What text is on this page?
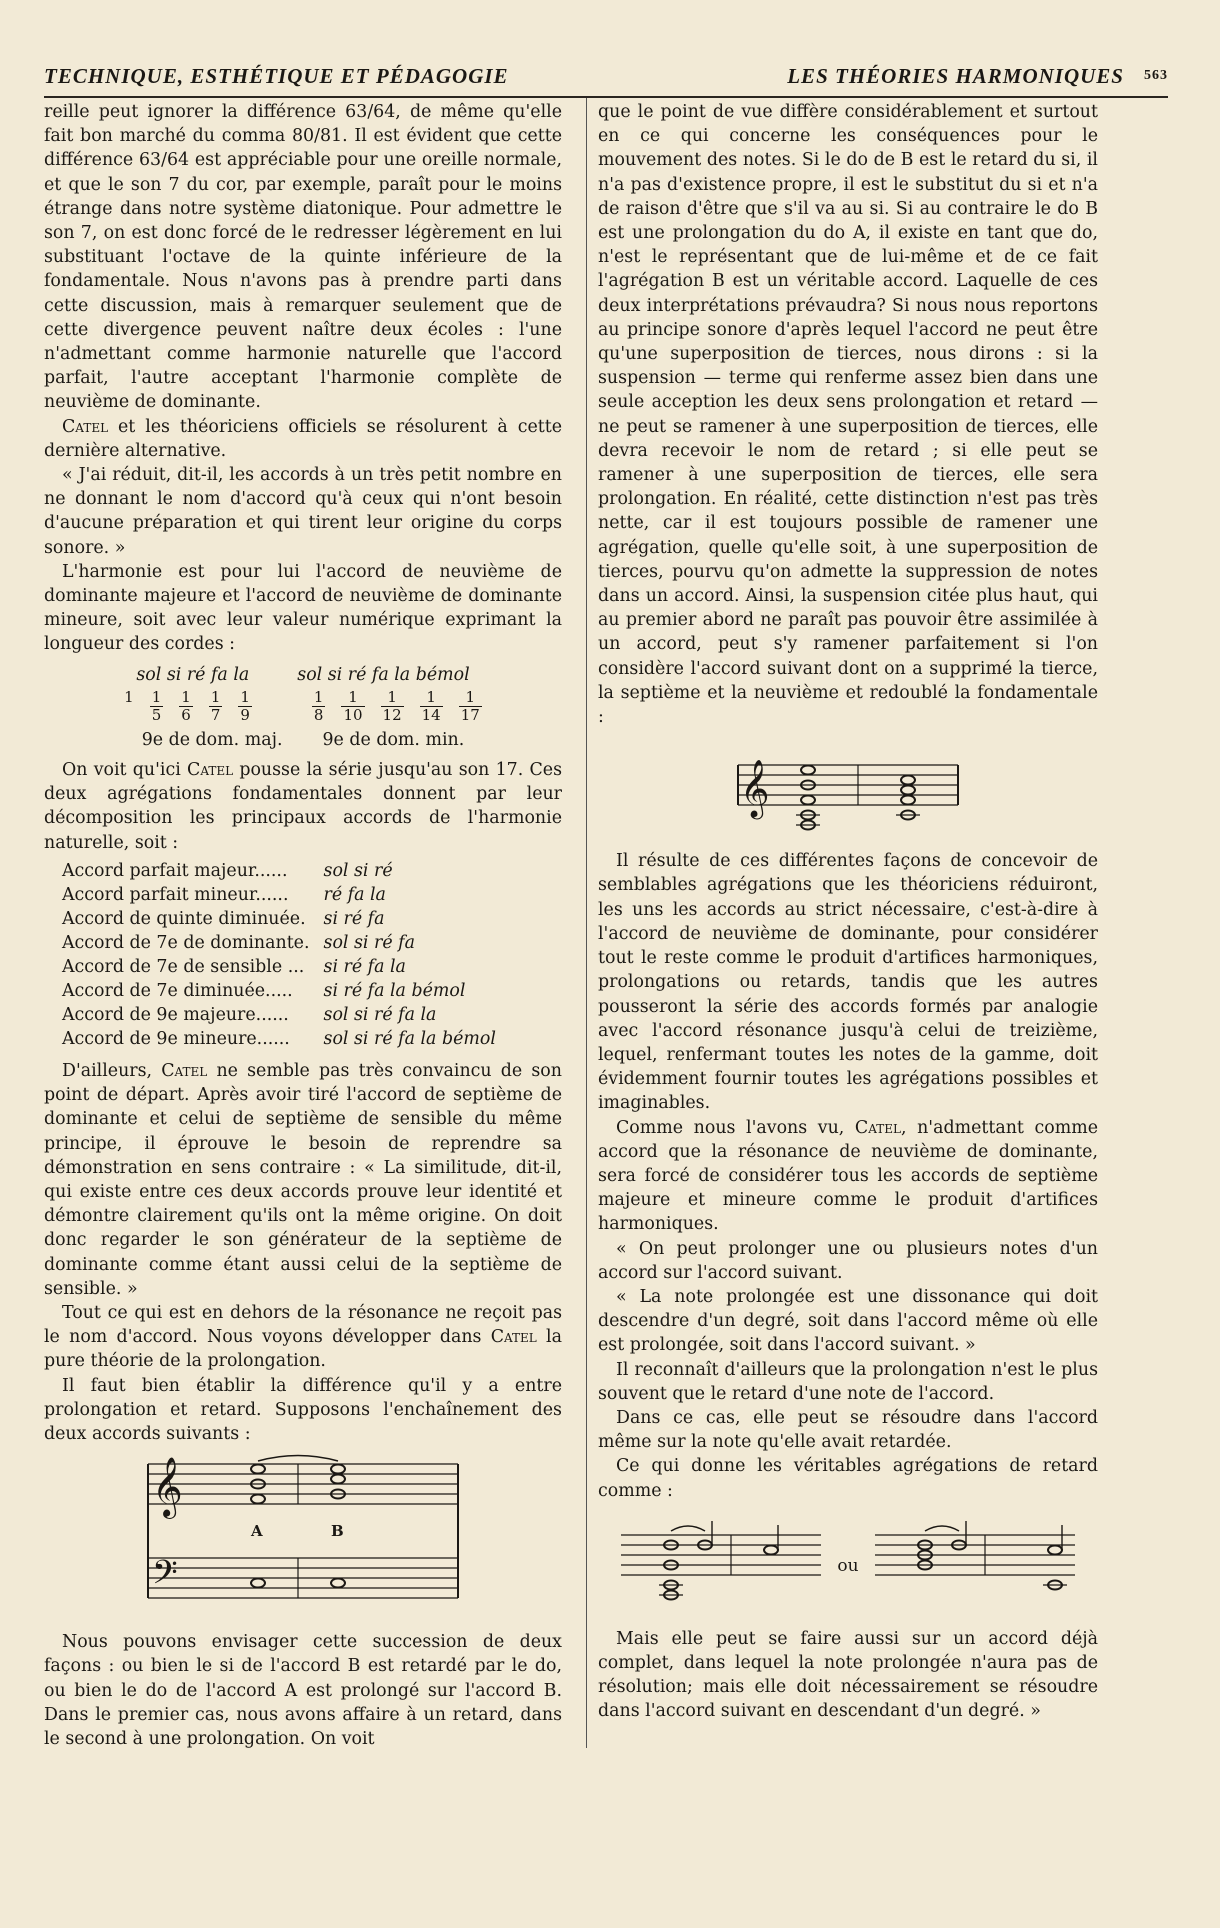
TECHNIQUE, ESTHÉTIQUE ET PÉDAGOGIE	LES THÉORIES HARMONIQUES 563

reille peut ignorer la différence 63/64, de même qu'elle fait bon marché du comma 80/81. Il est évident que cette différence 63/64 est appréciable pour une oreille normale, et que le son 7 du cor, par exemple, paraît pour le moins étrange dans notre système diatonique. Pour admettre le son 7, on est donc forcé de le redresser légèrement en lui substituant l'octave de la quinte inférieure de la fondamentale. Nous n'avons pas à prendre parti dans cette discussion, mais à remarquer seulement que de cette divergence peuvent naître deux écoles : l'une n'admettant comme harmonie naturelle que l'accord parfait, l'autre acceptant l'harmonie complète de neuvième de dominante.

Catel et les théoriciens officiels se résolurent à cette dernière alternative.

« J'ai réduit, dit-il, les accords à un très petit nombre en ne donnant le nom d'accord qu'à ceux qui n'ont besoin d'aucune préparation et qui tirent leur origine du corps sonore. »

L'harmonie est pour lui l'accord de neuvième de dominante majeure et l'accord de neuvième de dominante mineure, soit avec leur valeur numérique exprimant la longueur des cordes :

sol si ré fa la	sol si ré fa la bémol
$1 \frac{1}{5} \frac{1}{6} \frac{1}{7} \frac{1}{9}$	$\frac{1}{8} \frac{1}{10} \frac{1}{12} \frac{1}{14} \frac{1}{17}$
9e de dom. maj. 9e de dom. min.

On voit qu'ici Catel pousse la série jusqu'au son 17. Ces deux agrégations fondamentales donnent par leur décomposition les principaux accords de l'harmonie naturelle, soit :

Accord parfait majeur......	sol si ré
Accord parfait mineur......	ré fa la
Accord de quinte diminuée.	si ré fa
Accord de 7e de dominante.	sol si ré fa
Accord de 7e de sensible ...	si ré fa la
Accord de 7e diminuée.....	si ré fa la bémol
Accord de 9e majeure......	sol si ré fa la
Accord de 9e mineure......	sol si ré fa la bémol

D'ailleurs, Catel ne semble pas très convaincu de son point de départ. Après avoir tiré l'accord de septième de dominante et celui de septième de sensible du même principe, il éprouve le besoin de reprendre sa démonstration en sens contraire : « La similitude, dit-il, qui existe entre ces deux accords prouve leur identité et démontre clairement qu'ils ont la même origine. On doit donc regarder le son générateur de la septième de dominante comme étant aussi celui de la septième de sensible. »

Tout ce qui est en dehors de la résonance ne reçoit pas le nom d'accord. Nous voyons développer dans Catel la pure théorie de la prolongation.

Il faut bien établir la différence qu'il y a entre prolongation et retard. Supposons l'enchaînement des deux accords suivants :

𝄞
𝄢
A	B

Nous pouvons envisager cette succession de deux façons : ou bien le si de l'accord B est retardé par le do, ou bien le do de l'accord A est prolongé sur l'accord B. Dans le premier cas, nous avons affaire à un retard, dans le second à une prolongation. On voit

que le point de vue diffère considérablement et surtout en ce qui concerne les conséquences pour le mouvement des notes. Si le do de B est le retard du si, il n'a pas d'existence propre, il est le substitut du si et n'a de raison d'être que s'il va au si. Si au contraire le do B est une prolongation du do A, il existe en tant que do, n'est le représentant que de lui-même et de ce fait l'agrégation B est un véritable accord. Laquelle de ces deux interprétations prévaudra? Si nous nous reportons au principe sonore d'après lequel l'accord ne peut être qu'une superposition de tierces, nous dirons : si la suspension — terme qui renferme assez bien dans une seule acception les deux sens prolongation et retard — ne peut se ramener à une superposition de tierces, elle devra recevoir le nom de retard ; si elle peut se ramener à une superposition de tierces, elle sera prolongation. En réalité, cette distinction n'est pas très nette, car il est toujours possible de ramener une agrégation, quelle qu'elle soit, à une superposition de tierces, pourvu qu'on admette la suppression de notes dans un accord. Ainsi, la suspension citée plus haut, qui au premier abord ne paraît pas pouvoir être assimilée à un accord, peut s'y ramener parfaitement si l'on considère l'accord suivant dont on a supprimé la tierce, la septième et la neuvième et redoublé la fondamentale :

𝄞

Il résulte de ces différentes façons de concevoir de semblables agrégations que les théoriciens réduiront, les uns les accords au strict nécessaire, c'est-à-dire à l'accord de neuvième de dominante, pour considérer tout le reste comme le produit d'artifices harmoniques, prolongations ou retards, tandis que les autres pousseront la série des accords formés par analogie avec l'accord résonance jusqu'à celui de treizième, lequel, renfermant toutes les notes de la gamme, doit évidemment fournir toutes les agrégations possibles et imaginables.

Comme nous l'avons vu, Catel, n'admettant comme accord que la résonance de neuvième de dominante, sera forcé de considérer tous les accords de septième majeure et mineure comme le produit d'artifices harmoniques.

« On peut prolonger une ou plusieurs notes d'un accord sur l'accord suivant.

« La note prolongée est une dissonance qui doit descendre d'un degré, soit dans l'accord même où elle est prolongée, soit dans l'accord suivant. »

Il reconnaît d'ailleurs que la prolongation n'est le plus souvent que le retard d'une note de l'accord.

Dans ce cas, elle peut se résoudre dans l'accord même sur la note qu'elle avait retardée.

Ce qui donne les véritables agrégations de retard comme :

ou

Mais elle peut se faire aussi sur un accord déjà complet, dans lequel la note prolongée n'aura pas de résolution; mais elle doit nécessairement se résoudre dans l'accord suivant en descendant d'un degré. »
